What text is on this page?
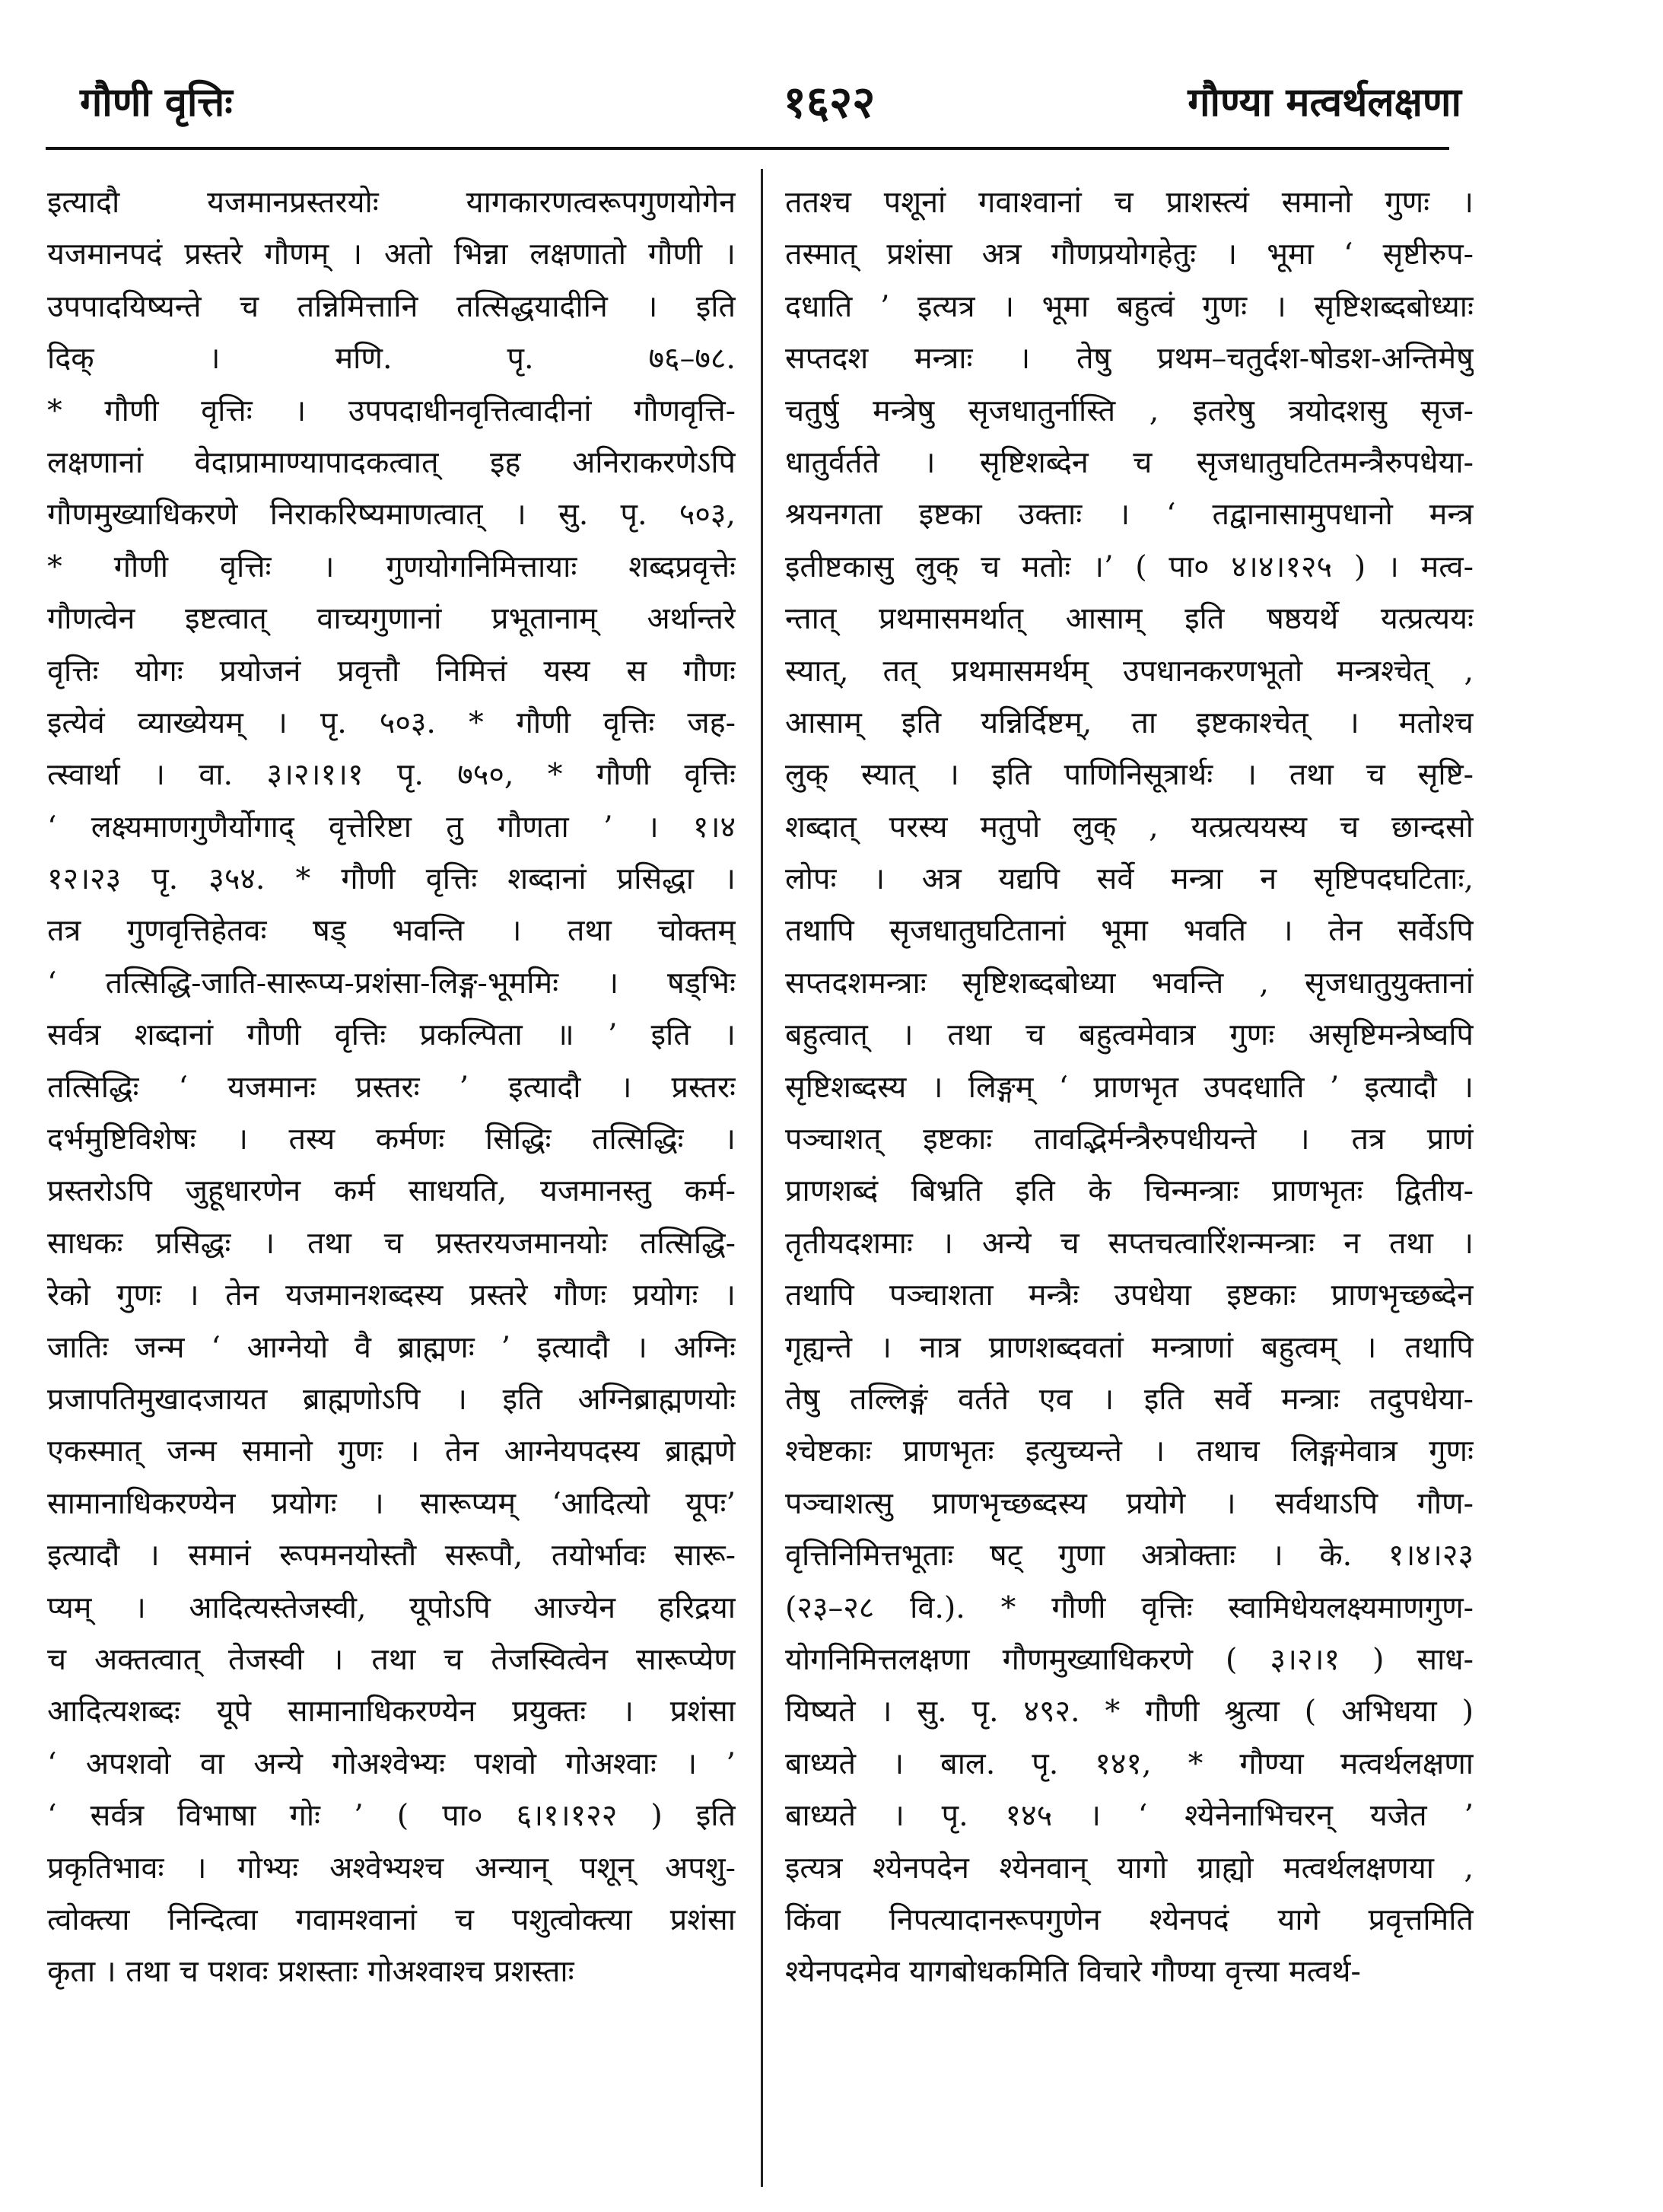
गौणी वृत्तिः	१६२२	गौण्या मत्वर्थलक्षणा
इत्यादौ यजमानप्रस्तरयोः यागकारणत्वरूपगुणयोगेन
यजमानपदं प्रस्तरे गौणम् । अतो भिन्ना लक्षणातो गौणी ।
उपपादयिष्यन्ते च तन्निमित्तानि तत्सिद्धयादीनि । इति
दिक् । मणि. पृ. ७६–७८.
* गौणी वृत्तिः । उपपदाधीनवृत्तित्वादीनां गौणवृत्ति-
लक्षणानां वेदाप्रामाण्यापादकत्वात् इह अनिराकरणेऽपि
गौणमुख्याधिकरणे निराकरिष्यमाणत्वात् । सु. पृ. ५०३,
* गौणी वृत्तिः । गुणयोगनिमित्तायाः शब्दप्रवृत्तेः
गौणत्वेन इष्टत्वात् वाच्यगुणानां प्रभूतानाम् अर्थान्तरे
वृत्तिः योगः प्रयोजनं प्रवृत्तौ निमित्तं यस्य स गौणः
इत्येवं व्याख्येयम् । पृ. ५०३. * गौणी वृत्तिः जह-
त्स्वार्था । वा. ३।२।१।१ पृ. ७५०, * गौणी वृत्तिः
‘ लक्ष्यमाणगुणैर्योगाद् वृत्तेरिष्टा तु गौणता ’ । १।४
१२।२३ पृ. ३५४. * गौणी वृत्तिः शब्दानां प्रसिद्धा ।
तत्र गुणवृत्तिहेतवः षड् भवन्ति । तथा चोक्तम्
‘ तत्सिद्धि-जाति-सारूप्य-प्रशंसा-लिङ्ग-भूममिः । षड्भिः
सर्वत्र शब्दानां गौणी वृत्तिः प्रकल्पिता ॥ ’ इति ।
तत्सिद्धिः ‘ यजमानः प्रस्तरः ’ इत्यादौ । प्रस्तरः
दर्भमुष्टिविशेषः । तस्य कर्मणः सिद्धिः तत्सिद्धिः ।
प्रस्तरोऽपि जुहूधारणेन कर्म साधयति, यजमानस्तु कर्म-
साधकः प्रसिद्धः । तथा च प्रस्तरयजमानयोः तत्सिद्धि-
रेको गुणः । तेन यजमानशब्दस्य प्रस्तरे गौणः प्रयोगः ।
जातिः जन्म ‘ आग्नेयो वै ब्राह्मणः ’ इत्यादौ । अग्निः
प्रजापतिमुखादजायत ब्राह्मणोऽपि । इति अग्निब्राह्मणयोः
एकस्मात् जन्म समानो गुणः । तेन आग्नेयपदस्य ब्राह्मणे
सामानाधिकरण्येन प्रयोगः । सारूप्यम् ‘आदित्यो यूपः’
इत्यादौ । समानं रूपमनयोस्तौ सरूपौ, तयोर्भावः सारू-
प्यम् । आदित्यस्तेजस्वी, यूपोऽपि आज्येन हरिद्रया
च अक्तत्वात् तेजस्वी । तथा च तेजस्वित्वेन सारूप्येण
आदित्यशब्दः यूपे सामानाधिकरण्येन प्रयुक्तः । प्रशंसा
‘ अपशवो वा अन्ये गोअश्वेभ्यः पशवो गोअश्वाः । ’
‘ सर्वत्र विभाषा गोः ’ ( पा० ६।१।१२२ ) इति
प्रकृतिभावः । गोभ्यः अश्वेभ्यश्च अन्यान् पशून् अपशु-
त्वोक्त्या निन्दित्वा गवामश्वानां च पशुत्वोक्त्या प्रशंसा
कृता । तथा च पशवः प्रशस्ताः गोअश्वाश्च प्रशस्ताः
ततश्च पशूनां गवाश्वानां च प्राशस्त्यं समानो गुणः ।
तस्मात् प्रशंसा अत्र गौणप्रयोगहेतुः । भूमा ‘ सृष्टीरुप-
दधाति ’ इत्यत्र । भूमा बहुत्वं गुणः । सृष्टिशब्दबोध्याः
सप्तदश मन्त्राः । तेषु प्रथम–चतुर्दश-षोडश-अन्तिमेषु
चतुर्षु मन्त्रेषु सृजधातुर्नास्ति , इतरेषु त्रयोदशसु सृज-
धातुर्वर्तते । सृष्टिशब्देन च सृजधातुघटितमन्त्रैरुपधेया-
श्रयनगता इष्टका उक्ताः । ‘ तद्वानासामुपधानो मन्त्र
इतीष्टकासु लुक् च मतोः ।’ ( पा० ४।४।१२५ ) । मत्व-
न्तात् प्रथमासमर्थात् आसाम् इति षष्ठयर्थे यत्प्रत्ययः
स्यात्, तत् प्रथमासमर्थम् उपधानकरणभूतो मन्त्रश्चेत् ,
आसाम् इति यन्निर्दिष्टम्, ता इष्टकाश्चेत् । मतोश्च
लुक् स्यात् । इति पाणिनिसूत्रार्थः । तथा च सृष्टि-
शब्दात् परस्य मतुपो लुक् , यत्प्रत्ययस्य च छान्दसो
लोपः । अत्र यद्यपि सर्वे मन्त्रा न सृष्टिपदघटिताः,
तथापि सृजधातुघटितानां भूमा भवति । तेन सर्वेऽपि
सप्तदशमन्त्राः सृष्टिशब्दबोध्या भवन्ति , सृजधातुयुक्तानां
बहुत्वात् । तथा च बहुत्वमेवात्र गुणः असृष्टिमन्त्रेष्वपि
सृष्टिशब्दस्य । लिङ्गम् ‘ प्राणभृत उपदधाति ’ इत्यादौ ।
पञ्चाशत् इष्टकाः तावद्भिर्मन्त्रैरुपधीयन्ते । तत्र प्राणं
प्राणशब्दं बिभ्रति इति के चिन्मन्त्राः प्राणभृतः द्वितीय-
तृतीयदशमाः । अन्ये च सप्तचत्वारिंशन्मन्त्राः न तथा ।
तथापि पञ्चाशता मन्त्रैः उपधेया इष्टकाः प्राणभृच्छब्देन
गृह्यन्ते । नात्र प्राणशब्दवतां मन्त्राणां बहुत्वम् । तथापि
तेषु तल्लिङ्गं वर्तते एव । इति सर्वे मन्त्राः तदुपधेया-
श्चेष्टकाः प्राणभृतः इत्युच्यन्ते । तथाच लिङ्गमेवात्र गुणः
पञ्चाशत्सु प्राणभृच्छब्दस्य प्रयोगे । सर्वथाऽपि गौण-
वृत्तिनिमित्तभूताः षट् गुणा अत्रोक्ताः । के. १।४।२३
(२३–२८ वि.). * गौणी वृत्तिः स्वामिधेयलक्ष्यमाणगुण-
योगनिमित्तलक्षणा गौणमुख्याधिकरणे ( ३।२।१ ) साध-
यिष्यते । सु. पृ. ४९२. * गौणी श्रुत्या ( अभिधया )
बाध्यते । बाल. पृ. १४१, * गौण्या मत्वर्थलक्षणा
बाध्यते । पृ. १४५ । ‘ श्येनेनाभिचरन् यजेत ’
इत्यत्र श्येनपदेन श्येनवान् यागो ग्राह्यो मत्वर्थलक्षणया ,
किंवा निपत्यादानरूपगुणेन श्येनपदं यागे प्रवृत्तमिति
श्येनपदमेव यागबोधकमिति विचारे गौण्या वृत्त्या मत्वर्थ-
